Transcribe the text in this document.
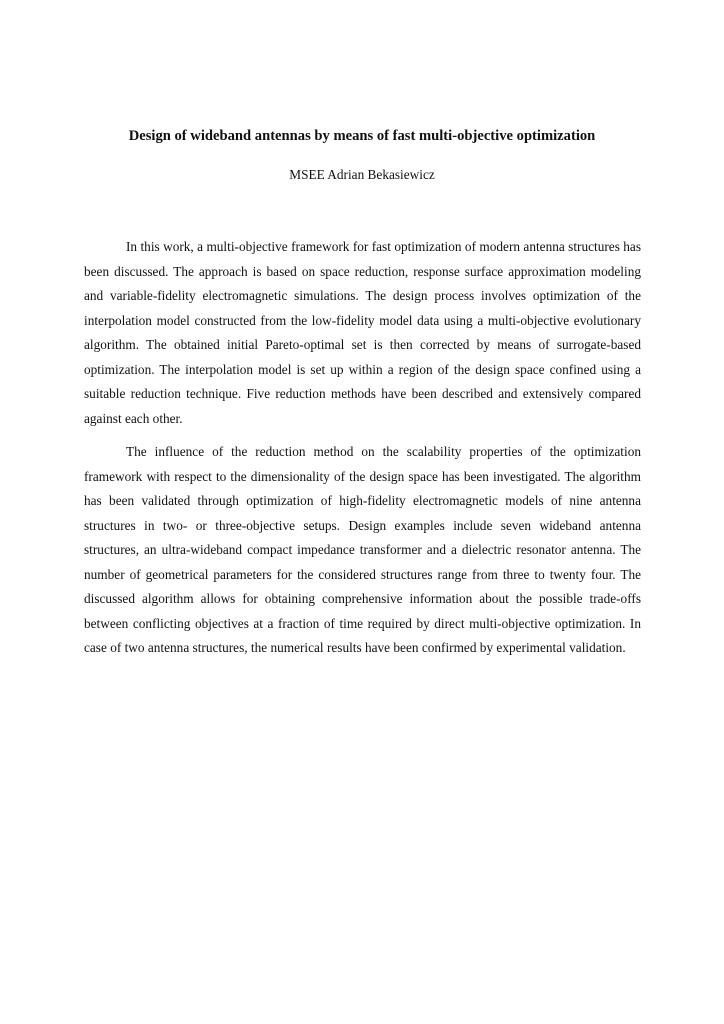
Design of wideband antennas by means of fast multi-objective optimization

MSEE Adrian Bekasiewicz

In this work, a multi-objective framework for fast optimization of modern antenna structures has been discussed. The approach is based on space reduction, response surface approximation modeling and variable-fidelity electromagnetic simulations. The design process involves optimization of the interpolation model constructed from the low-fidelity model data using a multi-objective evolutionary algorithm. The obtained initial Pareto-optimal set is then corrected by means of surrogate-based optimization. The interpolation model is set up within a region of the design space confined using a suitable reduction technique. Five reduction methods have been described and extensively compared against each other.

The influence of the reduction method on the scalability properties of the optimization framework with respect to the dimensionality of the design space has been investigated. The algorithm has been validated through optimization of high-fidelity electromagnetic models of nine antenna structures in two- or three-objective setups. Design examples include seven wideband antenna structures, an ultra-wideband compact impedance transformer and a dielectric resonator antenna. The number of geometrical parameters for the considered structures range from three to twenty four. The discussed algorithm allows for obtaining comprehensive information about the possible trade-offs between conflicting objectives at a fraction of time required by direct multi-objective optimization. In case of two antenna structures, the numerical results have been confirmed by experimental validation.
